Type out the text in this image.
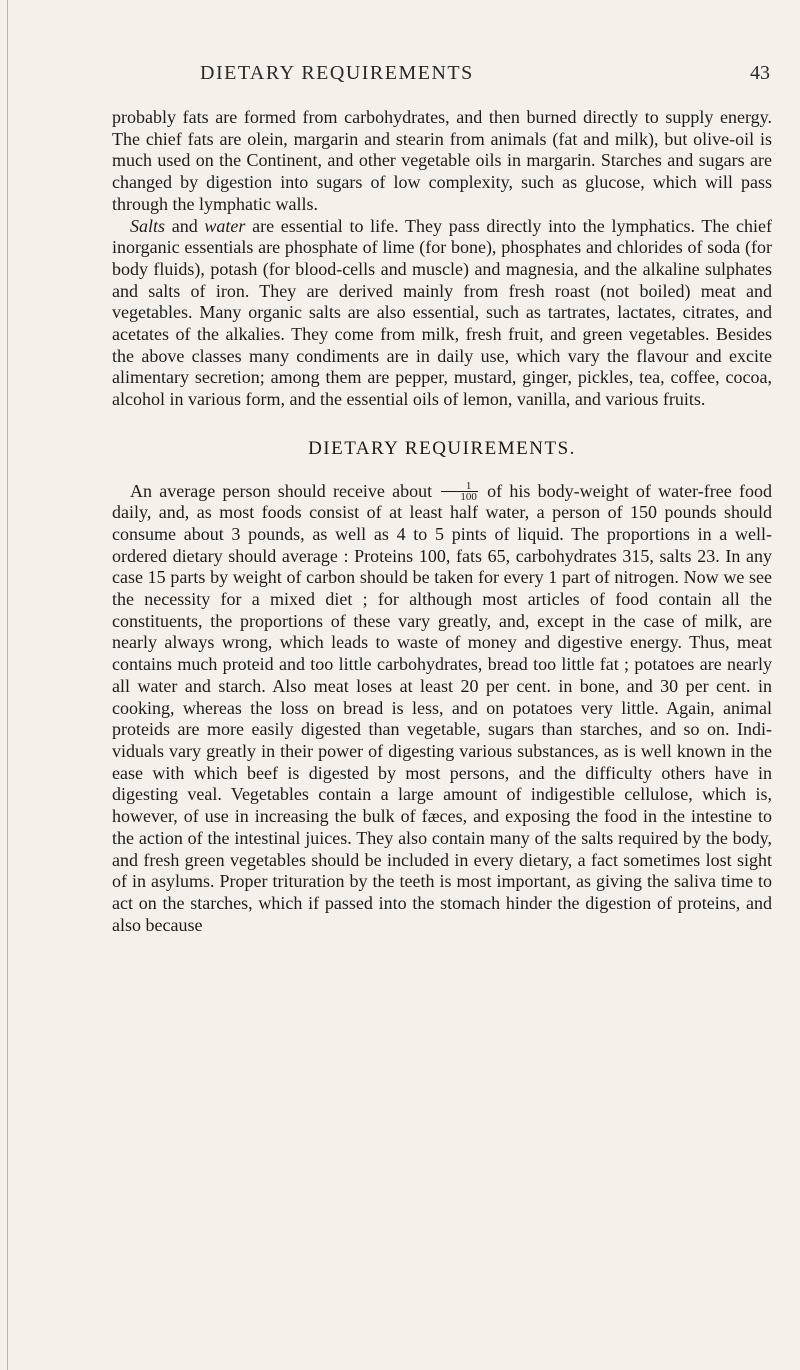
DIETARY REQUIREMENTS	43

probably fats are formed from carbohydrates, and then burned directly to supply energy. The chief fats are olein, margarin and stearin from animals (fat and milk), but olive-oil is much used on the Continent, and other vegetable oils in margarin. Starches and sugars are changed by digestion into sugars of low complexity, such as glucose, which will pass through the lymphatic walls.

Salts and water are essential to life. They pass directly into the lymphatics. The chief inorganic essentials are phosphate of lime (for bone), phosphates and chlorides of soda (for body fluids), potash (for blood-cells and muscle) and magnesia, and the alkaline sulphates and salts of iron. They are derived mainly from fresh roast (not boiled) meat and vegetables. Many organic salts are also essential, such as tartrates, lactates, citrates, and acetates of the alkalies. They come from milk, fresh fruit, and green vegetables. Besides the above classes many condiments are in daily use, which vary the flavour and excite alimentary secretion; among them are pepper, mustard, ginger, pickles, tea, coffee, cocoa, alcohol in various form, and the essential oils of lemon, vanilla, and various fruits.

DIETARY REQUIREMENTS.

An average person should receive about $\frac{1}{100}$ of his body-weight of water-free food daily, and, as most foods consist of at least half water, a person of 150 pounds should consume about 3 pounds, as well as 4 to 5 pints of liquid. The proportions in a well-ordered dietary should average : Proteins 100, fats 65, carbohydrates 315, salts 23. In any case 15 parts by weight of carbon should be taken for every 1 part of nitrogen. Now we see the necessity for a mixed diet ; for although most articles of food contain all the constituents, the proportions of these vary greatly, and, except in the case of milk, are nearly always wrong, which leads to waste of money and digestive energy. Thus, meat contains much proteid and too little carbohydrates, bread too little fat ; potatoes are nearly all water and starch. Also meat loses at least 20 per cent. in bone, and 30 per cent. in cooking, whereas the loss on bread is less, and on potatoes very little. Again, animal proteids are more easily digested than vegetable, sugars than starches, and so on. Indi- viduals vary greatly in their power of digesting various substances, as is well known in the ease with which beef is digested by most persons, and the difficulty others have in digesting veal. Vegetables contain a large amount of indigestible cellulose, which is, however, of use in increasing the bulk of fæces, and exposing the food in the intestine to the action of the intestinal juices. They also contain many of the salts required by the body, and fresh green vegetables should be included in every dietary, a fact sometimes lost sight of in asylums. Proper trituration by the teeth is most important, as giving the saliva time to act on the starches, which if passed into the stomach hinder the digestion of proteins, and also because
